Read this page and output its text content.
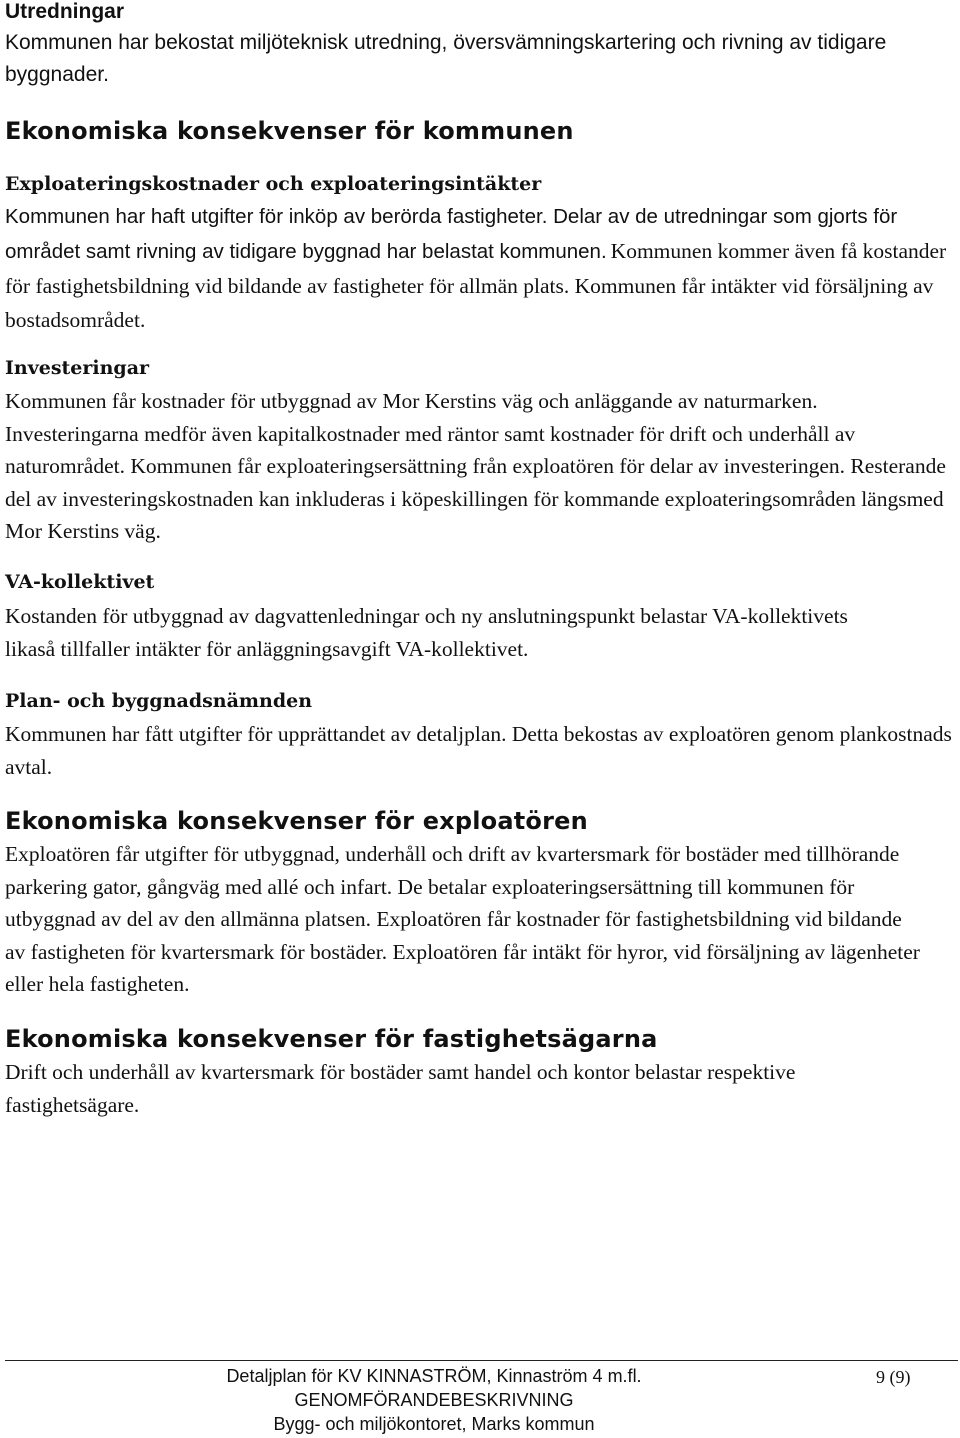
Utredningar

Kommunen har bekostat miljöteknisk utredning, översvämningskartering och rivning av tidigare byggnader.

Ekonomiska konsekvenser för kommunen
Exploateringskostnader och exploateringsintäkter
Kommunen har haft utgifter för inköp av berörda fastigheter. Delar av de utredningar som gjorts för området samt rivning av tidigare byggnad har belastat kommunen. Kommunen kommer även få kostander för fastighetsbildning vid bildande av fastigheter för allmän plats. Kommunen får intäkter vid försäljning av bostadsområdet.
Investeringar

Kommunen får kostnader för utbyggnad av Mor Kerstins väg och anläggande av naturmarken. Investeringarna medför även kapitalkostnader med räntor samt kostnader för drift och underhåll av naturområdet. Kommunen får exploateringsersättning från exploatören för delar av investeringen. Resterande del av investeringskostnaden kan inkluderas i köpeskillingen för kommande exploateringsområden längsmed Mor Kerstins väg.

VA-kollektivet

Kostanden för utbyggnad av dagvattenledningar och ny anslutningspunkt belastar VA-kollektivets likaså tillfaller intäkter för anläggningsavgift VA-kollektivet.

Plan- och byggnadsnämnden

Kommunen har fått utgifter för upprättandet av detaljplan. Detta bekostas av exploatören genom plankostnads avtal.

Ekonomiska konsekvenser för exploatören

Exploatören får utgifter för utbyggnad, underhåll och drift av kvartersmark för bostäder med tillhörande parkering gator, gångväg med allé och infart. De betalar exploateringsersättning till kommunen för utbyggnad av del av den allmänna platsen. Exploatören får kostnader för fastighetsbildning vid bildande av fastigheten för kvartersmark för bostäder. Exploatören får intäkt för hyror, vid försäljning av lägenheter eller hela fastigheten.

Ekonomiska konsekvenser för fastighetsägarna

Drift och underhåll av kvartersmark för bostäder samt handel och kontor belastar respektive fastighetsägare.

Detaljplan för KV KINNASTRÖM, Kinnaström 4 m.fl.
GENOMFÖRANDEBESKRIVNING
Bygg- och miljökontoret, Marks kommun
9 (9)
